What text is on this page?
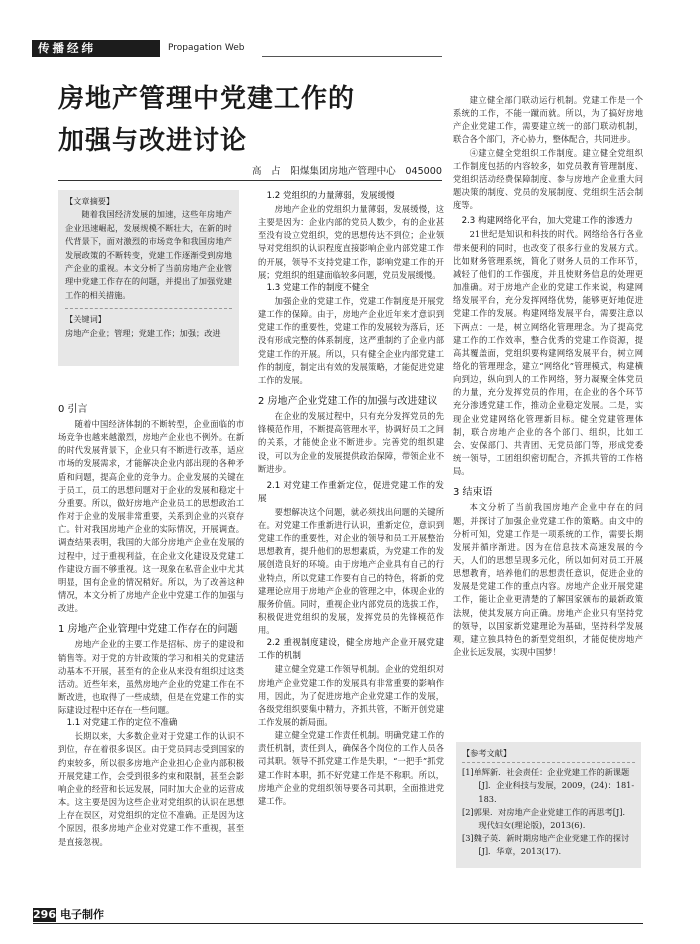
传播经纬	Propagation Web
房地产管理中党建工作的
加强与改进讨论
高　占　阳煤集团房地产管理中心　045000
【文章摘要】
随着我国经济发展的加速，这些年房地产企业迅速崛起，发展规模不断壮大，在新的时代背景下，面对激烈的市场竞争和我国房地产发展政策的不断转变，党建工作逐渐受到房地产企业的重视。本文分析了当前房地产企业管理中党建工作存在的问题，并提出了加强党建工作的相关措施。
【关键词】
房地产企业；管理；党建工作；加强；改进
0 引言

随着中国经济体制的不断转型，企业面临的市场竞争也越来越激烈，房地产企业也不例外。在新的时代发展背景下，企业只有不断进行改革，适应市场的发展需求，才能解决企业内部出现的各种矛盾和问题，提高企业的竞争力。企业发展的关键在于员工，员工的思想问题对于企业的发展和稳定十分重要。所以，做好房地产企业员工的思想政治工作对于企业的发展非常重要，关系到企业的兴衰存亡。针对我国房地产企业的实际情况，开展调查。调查结果表明，我国的大部分房地产企业在发展的过程中，过于重视利益，在企业文化建设及党建工作建设方面不够重视。这一现象在私营企业中尤其明显，国有企业的情况稍好。所以，为了改善这种情况，本文分析了房地产企业中党建工作的加强与改进。

1 房地产企业管理中党建工作存在的问题

房地产企业的主要工作是招标、房子的建设和销售等。对于党的方针政策的学习和相关的党建活动基本不开展，甚至有的企业从来没有组织过这类活动。近些年来，虽然房地产企业的党建工作在不断改进，也取得了一些成绩，但是在党建工作的实际建设过程中还存在一些问题。

1.1 对党建工作的定位不准确

长期以来，大多数企业对于党建工作的认识不到位，存在着很多误区。由于党员同志受到国家的约束较多，所以很多房地产企业担心企业内部积极开展党建工作，会受到很多约束和限制，甚至会影响企业的经营和长远发展，同时加大企业的运营成本。这主要是因为这些企业对党组织的认识在思想上存在误区，对党组织的定位不准确。正是因为这个原因，很多房地产企业对党建工作不重视，甚至是直接忽视。

1.2 党组织的力量薄弱，发展缓慢

房地产企业的党组织力量薄弱，发展缓慢，这主要是因为：企业内部的党员人数少，有的企业甚至没有设立党组织，党的思想传达不到位；企业领导对党组织的认识程度直接影响企业内部党建工作的开展，领导不支持党建工作，影响党建工作的开展；党组织的组建面临较多问题，党员发展缓慢。

1.3 党建工作的制度不健全

加强企业的党建工作，党建工作制度是开展党建工作的保障。由于，房地产企业近年来才意识到党建工作的重要性，党建工作的发展较为落后，还没有形成完整的体系制度，这严重制约了企业内部党建工作的开展。所以，只有健全企业内部党建工作的制度，制定出有效的发展策略，才能促进党建工作的发展。

2 房地产企业党建工作的加强与改进建议

在企业的发展过程中，只有充分发挥党员的先锋模范作用，不断提高管理水平，协调好员工之间的关系，才能使企业不断进步。完善党的组织建设，可以为企业的发展提供政治保障，带领企业不断进步。

2.1 对党建工作重新定位，促进党建工作的发展

要想解决这个问题，就必须找出问题的关键所在。对党建工作重新进行认识，重新定位，意识到党建工作的重要性，对企业的领导和员工开展整治思想教育，提升他们的思想素质，为党建工作的发展创造良好的环境。由于房地产企业具有自己的行业特点，所以党建工作要有自己的特色，将新的党建理论应用于房地产企业的管理之中，体现企业的服务价值。同时，重视企业内部党员的选拔工作，积极促进党组织的发展，发挥党员的先锋模范作用。

2.2 重视制度建设，健全房地产企业开展党建工作的机制

建立健全党建工作领导机制。企业的党组织对房地产企业党建工作的发展具有非常重要的影响作用，因此，为了促进房地产企业党建工作的发展，各级党组织要集中精力，齐抓共管，不断开创党建工作发展的新局面。

建立健全党建工作责任机制。明确党建工作的责任机制，责任到人，确保各个岗位的工作人员各司其职。领导不抓党建工作是失职，“一把手”抓党建工作时本职，抓不好党建工作是不称职。所以，房地产企业的党组织领导要各司其职，全面推进党建工作。

建立健全部门联动运行机制。党建工作是一个系统的工作，不能一蹴而就。所以，为了搞好房地产企业党建工作，需要建立统一的部门联动机制，联合各个部门，齐心协力，整体配合，共同进步。

④建立健全党组织工作制度。建立健全党组织工作制度包括的内容较多，如党员教育管理制度、党组织活动经费保障制度、参与房地产企业重大问题决策的制度、党员的发展制度、党组织生活会制度等。

2.3 构建网络化平台，加大党建工作的渗透力

21世纪是知识和科技的时代。网络给各行各业带来便利的同时，也改变了很多行业的发展方式。比如财务管理系统，简化了财务人员的工作环节，减轻了他们的工作强度，并且使财务信息的处理更加准确。对于房地产企业的党建工作来说，构建网络发展平台，充分发挥网络优势，能够更好地促进党建工作的发展。构建网络发展平台，需要注意以下两点：一是，树立网络化管理理念。为了提高党建工作的工作效率，整合优秀的党建工作资源，提高其覆盖面，党组织要构建网络发展平台，树立网络化的管理理念，建立“网络化”管理模式，构建横向到边，纵向到人的工作网络，努力凝聚全体党员的力量，充分发挥党员的作用，在企业的各个环节充分渗透党建工作，推动企业稳定发展。二是，实现企业党建网络化管理新目标。健全党建管理体制，联合房地产企业的各个部门、组织，比如工会、安保部门、共青团、无党员部门等，形成党委统一领导，工团组织密切配合，齐抓共管的工作格局。

3 结束语

本文分析了当前我国房地产企业中存在的问题，并探讨了加强企业党建工作的策略。由文中的分析可知，党建工作是一项系统的工作，需要长期发展并循序渐进。因为在信息技术高速发展的今天，人们的思想呈现多元化，所以如何对员工开展思想教育，培养他们的思想责任意识，促进企业的发展是党建工作的重点内容。房地产企业开展党建工作，能让企业更清楚的了解国家颁布的最新政策法规，使其发展方向正确。房地产企业只有坚持党的领导，以国家新党建理论为基础，坚持科学发展观，建立独具特色的新型党组织，才能促使房地产企业长远发展，实现中国梦！

【参考文献】

[1]单辉新．社会责任：企业党建工作的新课题[J]．企业科技与发展，2009，(24)：181-183.

[2]郭果．对房地产企业党建工作的再思考[J]．现代妇女(理论版)，2013(6).

[3]魏子英．新时期房地产企业党建工作的探讨[J]．华章，2013(17).

296 电子制作
